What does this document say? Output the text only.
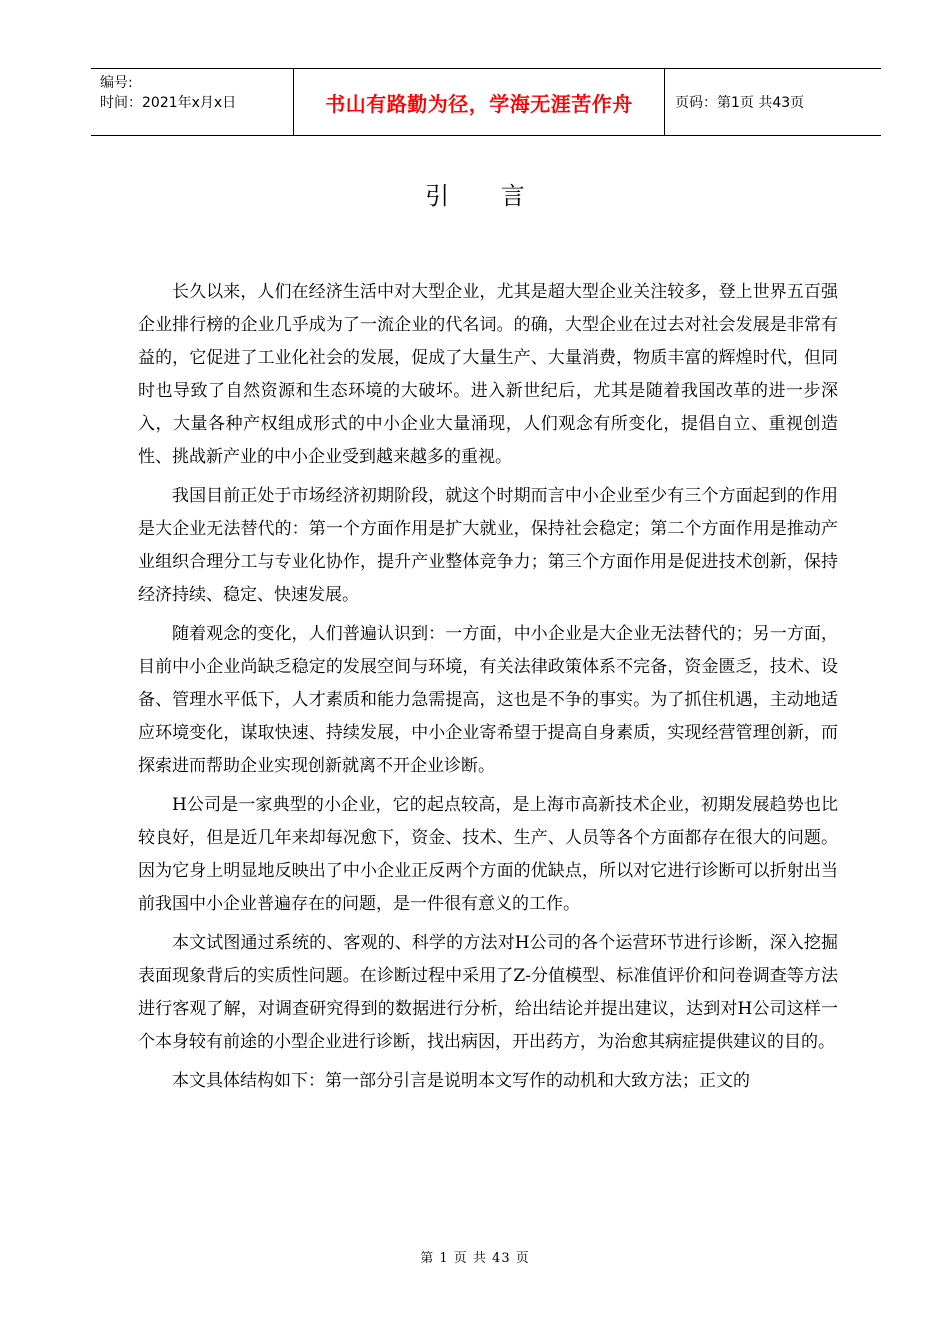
编号:
时间：2021年x月x日	书山有路勤为径，学海无涯苦作舟	页码：第1页 共43页
引 言

长久以来，人们在经济生活中对大型企业，尤其是超大型企业关注较多，登上世界五百强企业排行榜的企业几乎成为了一流企业的代名词。的确，大型企业在过去对社会发展是非常有益的，它促进了工业化社会的发展，促成了大量生产、大量消费，物质丰富的辉煌时代，但同时也导致了自然资源和生态环境的大破坏。进入新世纪后，尤其是随着我国改革的进一步深入，大量各种产权组成形式的中小企业大量涌现，人们观念有所变化，提倡自立、重视创造性、挑战新产业的中小企业受到越来越多的重视。

我国目前正处于市场经济初期阶段，就这个时期而言中小企业至少有三个方面起到的作用是大企业无法替代的：第一个方面作用是扩大就业，保持社会稳定；第二个方面作用是推动产业组织合理分工与专业化协作，提升产业整体竞争力；第三个方面作用是促进技术创新，保持经济持续、稳定、快速发展。

随着观念的变化，人们普遍认识到：一方面，中小企业是大企业无法替代的；另一方面，目前中小企业尚缺乏稳定的发展空间与环境，有关法律政策体系不完备，资金匮乏，技术、设备、管理水平低下，人才素质和能力急需提高，这也是不争的事实。为了抓住机遇，主动地适应环境变化，谋取快速、持续发展，中小企业寄希望于提高自身素质，实现经营管理创新，而探索进而帮助企业实现创新就离不开企业诊断。

H公司是一家典型的小企业，它的起点较高，是上海市高新技术企业，初期发展趋势也比较良好，但是近几年来却每况愈下，资金、技术、生产、人员等各个方面都存在很大的问题。因为它身上明显地反映出了中小企业正反两个方面的优缺点，所以对它进行诊断可以折射出当前我国中小企业普遍存在的问题，是一件很有意义的工作。

本文试图通过系统的、客观的、科学的方法对H公司的各个运营环节进行诊断，深入挖掘表面现象背后的实质性问题。在诊断过程中采用了Z-分值模型、标准值评价和问卷调查等方法进行客观了解，对调查研究得到的数据进行分析，给出结论并提出建议，达到对H公司这样一个本身较有前途的小型企业进行诊断，找出病因，开出药方，为治愈其病症提供建议的目的。

本文具体结构如下：第一部分引言是说明本文写作的动机和大致方法；正文的

第 1 页 共 43 页
